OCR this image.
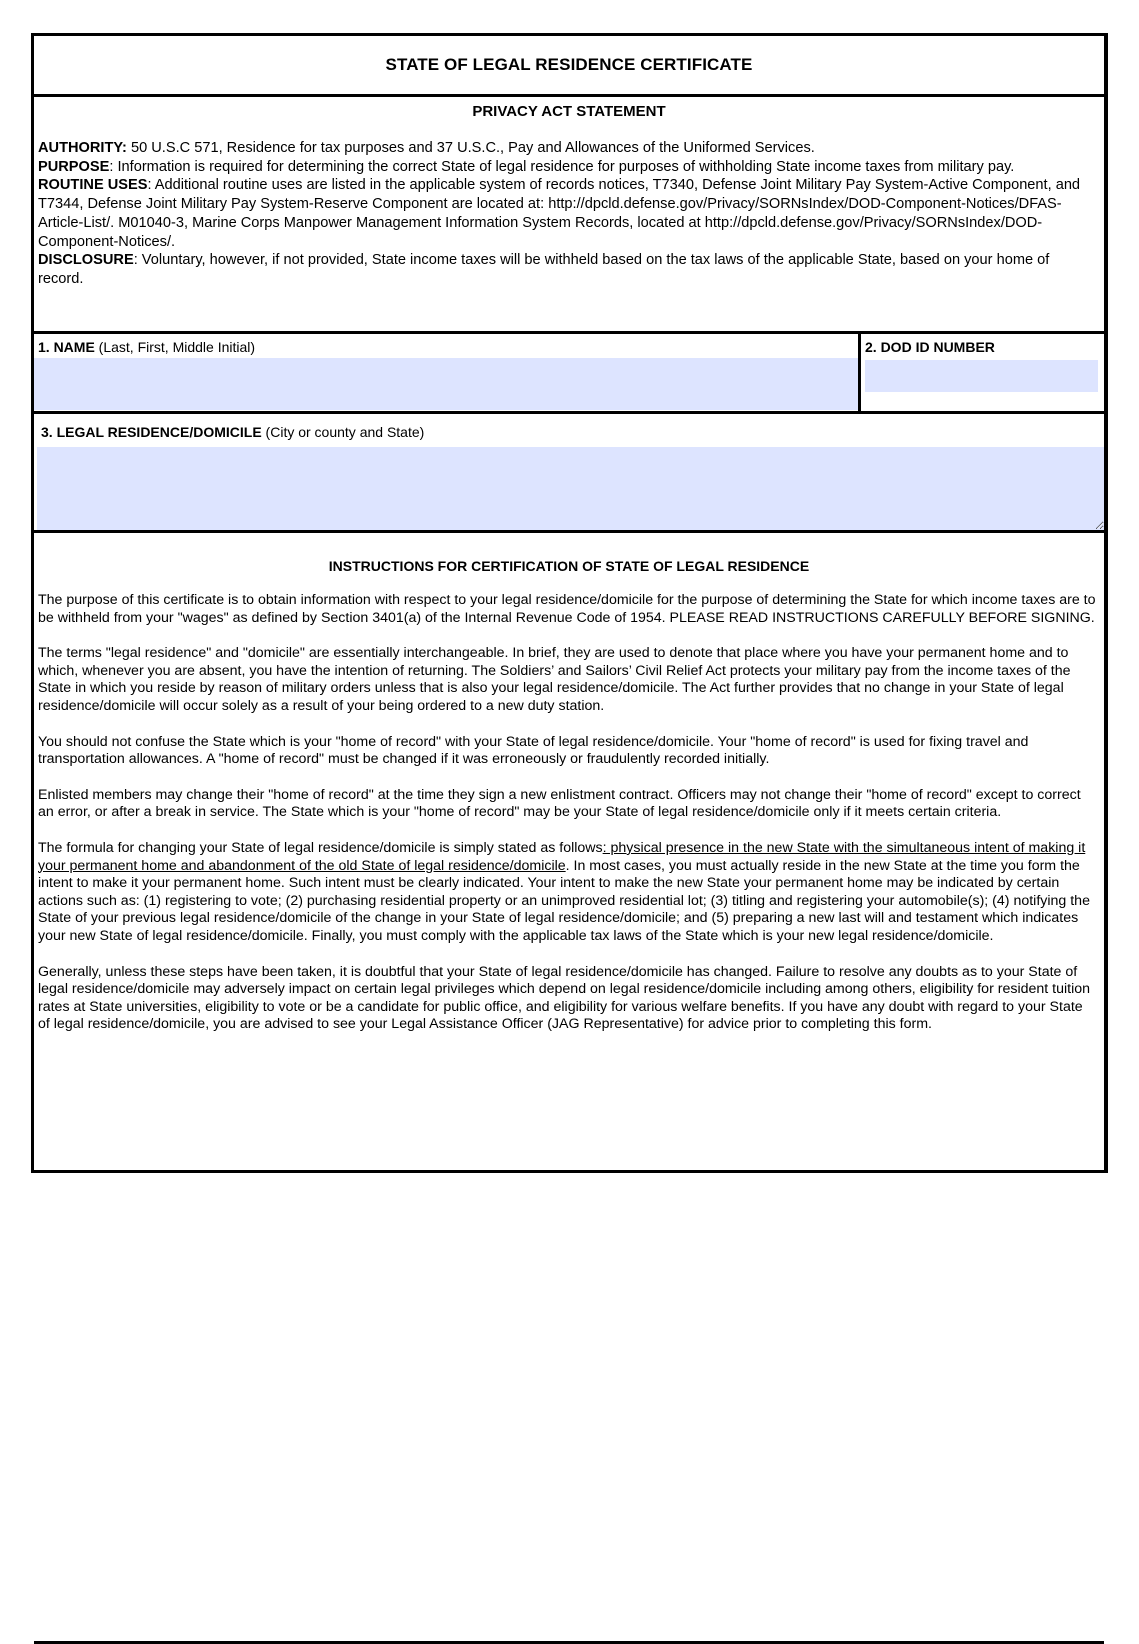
STATE OF LEGAL RESIDENCE CERTIFICATE
PRIVACY ACT STATEMENT
AUTHORITY: 50 U.S.C 571, Residence for tax purposes and 37 U.S.C., Pay and Allowances of the Uniformed Services.
PURPOSE: Information is required for determining the correct State of legal residence for purposes of withholding State income taxes from military pay.
ROUTINE USES: Additional routine uses are listed in the applicable system of records notices, T7340, Defense Joint Military Pay System-Active Component, and T7344, Defense Joint Military Pay System-Reserve Component are located at: http://dpcld.defense.gov/Privacy/SORNsIndex/DOD-Component-Notices/DFAS-Article-List/. M01040-3, Marine Corps Manpower Management Information System Records, located at http://dpcld.defense.gov/Privacy/SORNsIndex/DOD-Component-Notices/.
DISCLOSURE: Voluntary, however, if not provided, State income taxes will be withheld based on the tax laws of the applicable State, based on your home of record.
1. NAME (Last, First, Middle Initial)	2. DOD ID NUMBER
3. LEGAL RESIDENCE/DOMICILE (City or county and State)
INSTRUCTIONS FOR CERTIFICATION OF STATE OF LEGAL RESIDENCE

The purpose of this certificate is to obtain information with respect to your legal residence/domicile for the purpose of determining the State for which income taxes are to be withheld from your "wages" as defined by Section 3401(a) of the Internal Revenue Code of 1954. PLEASE READ INSTRUCTIONS CAREFULLY BEFORE SIGNING.

The terms "legal residence" and "domicile" are essentially interchangeable. In brief, they are used to denote that place where you have your permanent home and to which, whenever you are absent, you have the intention of returning. The Soldiers’ and Sailors’ Civil Relief Act protects your military pay from the income taxes of the State in which you reside by reason of military orders unless that is also your legal residence/domicile. The Act further provides that no change in your State of legal residence/domicile will occur solely as a result of your being ordered to a new duty station.

You should not confuse the State which is your "home of record" with your State of legal residence/domicile. Your "home of record" is used for fixing travel and transportation allowances. A "home of record" must be changed if it was erroneously or fraudulently recorded initially.

Enlisted members may change their "home of record" at the time they sign a new enlistment contract. Officers may not change their "home of record" except to correct an error, or after a break in service. The State which is your "home of record" may be your State of legal residence/domicile only if it meets certain criteria.

The formula for changing your State of legal residence/domicile is simply stated as follows: physical presence in the new State with the simultaneous intent of making it your permanent home and abandonment of the old State of legal residence/domicile. In most cases, you must actually reside in the new State at the time you form the intent to make it your permanent home. Such intent must be clearly indicated. Your intent to make the new State your permanent home may be indicated by certain actions such as: (1) registering to vote; (2) purchasing residential property or an unimproved residential lot; (3) titling and registering your automobile(s); (4) notifying the State of your previous legal residence/domicile of the change in your State of legal residence/domicile; and (5) preparing a new last will and testament which indicates your new State of legal residence/domicile. Finally, you must comply with the applicable tax laws of the State which is your new legal residence/domicile.

Generally, unless these steps have been taken, it is doubtful that your State of legal residence/domicile has changed. Failure to resolve any doubts as to your State of legal residence/domicile may adversely impact on certain legal privileges which depend on legal residence/domicile including among others, eligibility for resident tuition rates at State universities, eligibility to vote or be a candidate for public office, and eligibility for various welfare benefits. If you have any doubt with regard to your State of legal residence/domicile, you are advised to see your Legal Assistance Officer (JAG Representative) for advice prior to completing this form.
